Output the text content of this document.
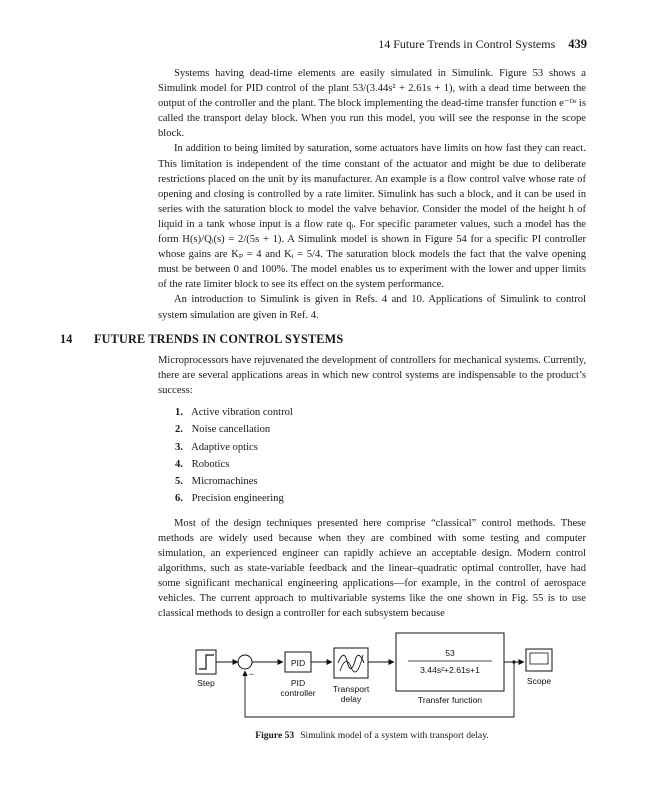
14 Future Trends in Control Systems 439

Systems having dead-time elements are easily simulated in Simulink. Figure 53 shows a Simulink model for PID control of the plant 53/(3.44s² + 2.61s + 1), with a dead time between the output of the controller and the plant. The block implementing the dead-time transfer function e⁻ᴰˢ is called the transport delay block. When you run this model, you will see the response in the scope block.

In addition to being limited by saturation, some actuators have limits on how fast they can react. This limitation is independent of the time constant of the actuator and might be due to deliberate restrictions placed on the unit by its manufacturer. An example is a flow control valve whose rate of opening and closing is controlled by a rate limiter. Simulink has such a block, and it can be used in series with the saturation block to model the valve behavior. Consider the model of the height h of liquid in a tank whose input is a flow rate qᵢ. For specific parameter values, such a model has the form H(s)/Qᵢ(s) = 2/(5s + 1). A Simulink model is shown in Figure 54 for a specific PI controller whose gains are Kₚ = 4 and Kᵢ = 5/4. The saturation block models the fact that the valve opening must be between 0 and 100%. The model enables us to experiment with the lower and upper limits of the rate limiter block to see its effect on the system performance.

An introduction to Simulink is given in Refs. 4 and 10. Applications of Simulink to control system simulation are given in Ref. 4.

14 FUTURE TRENDS IN CONTROL SYSTEMS

Microprocessors have rejuvenated the development of controllers for mechanical systems. Currently, there are several applications areas in which new control systems are indispensable to the product’s success:

1. Active vibration control
2. Noise cancellation
3. Adaptive optics
4. Robotics
5. Micromachines
6. Precision engineering

Most of the design techniques presented here comprise “classical” control methods. These methods are widely used because when they are combined with some testing and computer simulation, an experienced engineer can rapidly achieve an acceptable design. Modern control algorithms, such as state-variable feedback and the linear–quadratic optimal controller, have had some significant mechanical engineering applications—for example, in the control of aerospace vehicles. The current approach to multivariable systems like the one shown in Fig. 55 is to use classical methods to design a controller for each subsystem because

Step
−
PID
PID
controller Transport
delay
53
3.44s²+2.61s+1
Transfer function
Scope
Figure 53 Simulink model of a system with transport delay.
